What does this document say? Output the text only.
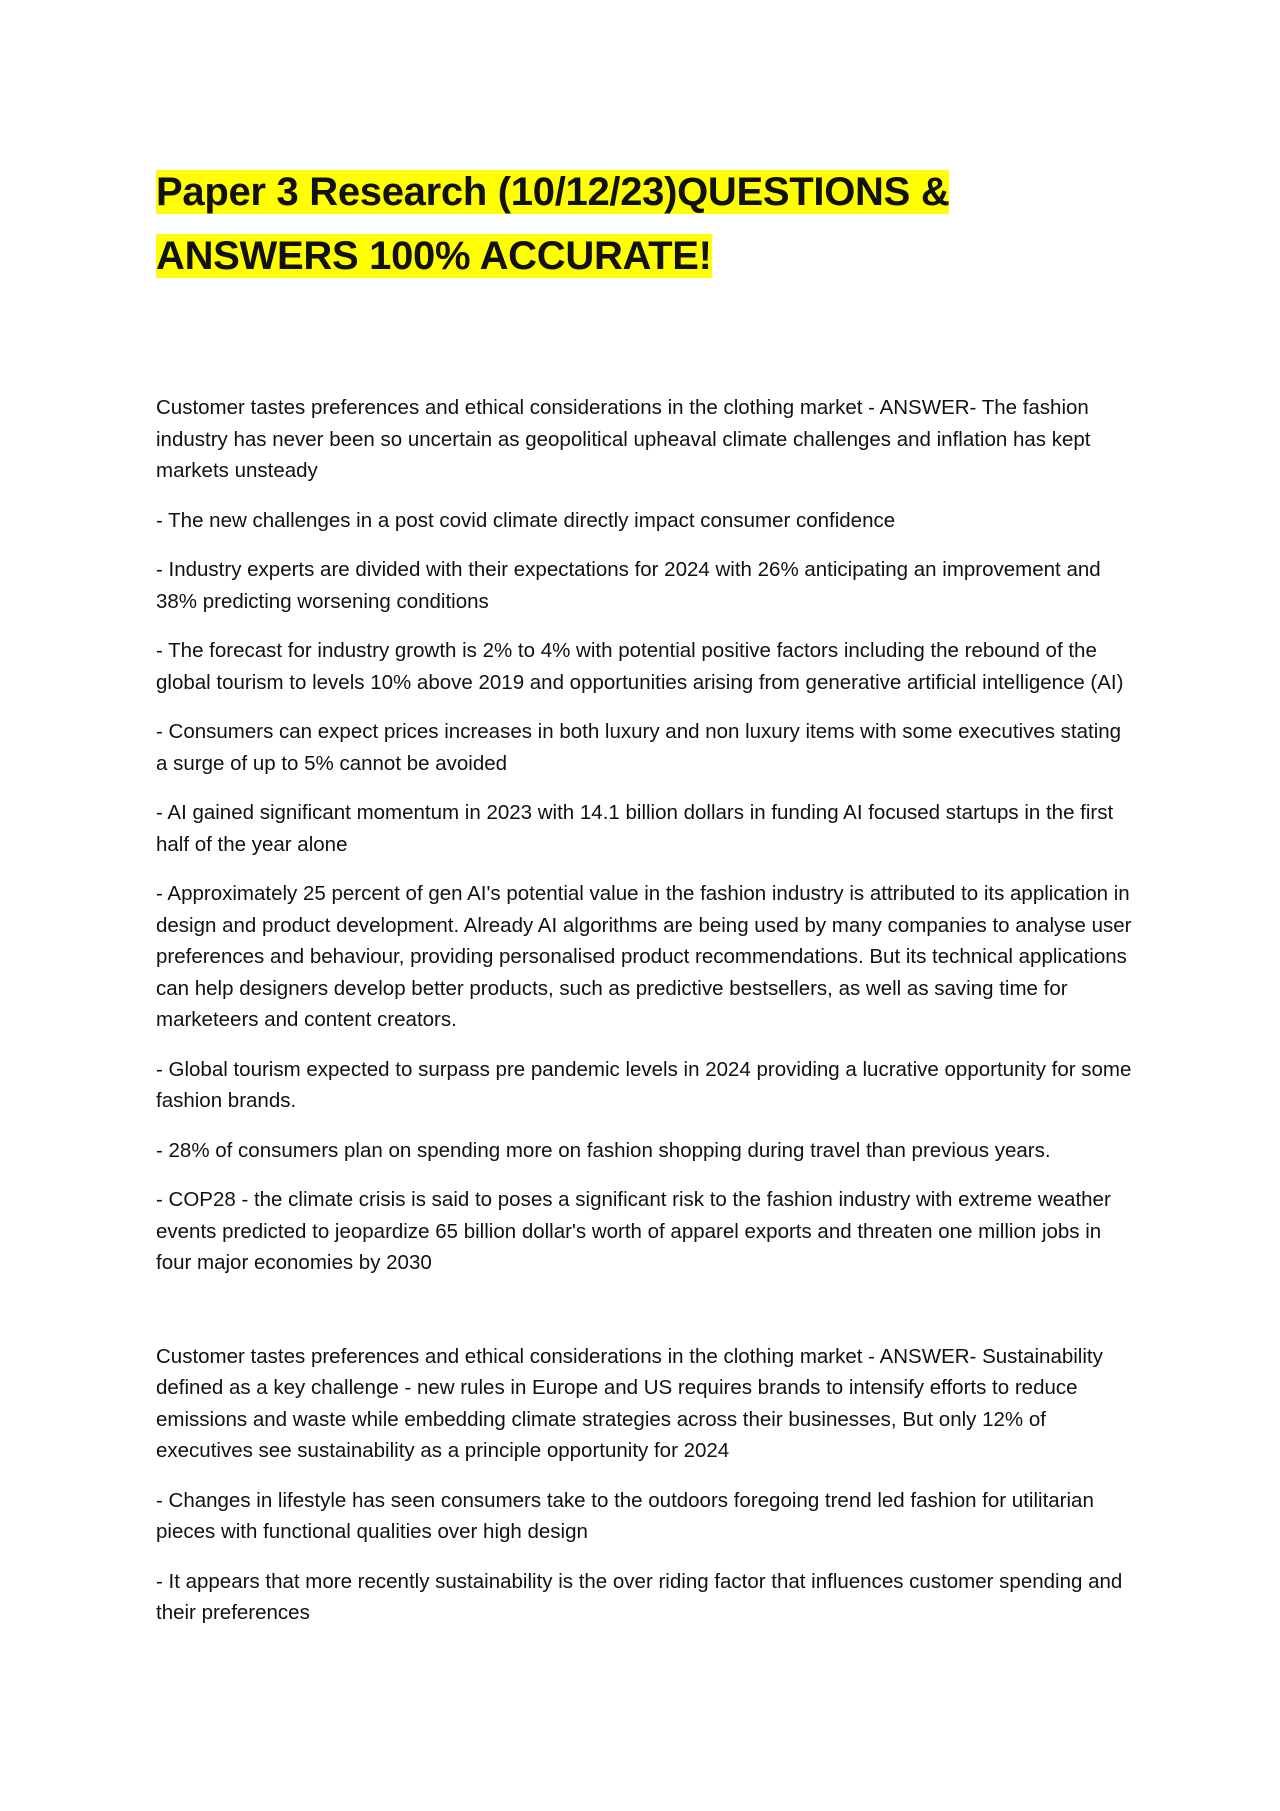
Paper 3 Research (10/12/23)QUESTIONS &
ANSWERS 100% ACCURATE!

Customer tastes preferences and ethical considerations in the clothing market - ANSWER- The fashion industry has never been so uncertain as geopolitical upheaval climate challenges and inflation has kept markets unsteady

- The new challenges in a post covid climate directly impact consumer confidence

- Industry experts are divided with their expectations for 2024 with 26% anticipating an improvement and 38% predicting worsening conditions

- The forecast for industry growth is 2% to 4% with potential positive factors including the rebound of the global tourism to levels 10% above 2019 and opportunities arising from generative artificial intelligence (AI)

- Consumers can expect prices increases in both luxury and non luxury items with some executives stating a surge of up to 5% cannot be avoided

- AI gained significant momentum in 2023 with 14.1 billion dollars in funding AI focused startups in the first half of the year alone

- Approximately 25 percent of gen AI's potential value in the fashion industry is attributed to its application in design and product development. Already AI algorithms are being used by many companies to analyse user preferences and behaviour, providing personalised product recommendations. But its technical applications can help designers develop better products, such as predictive bestsellers, as well as saving time for marketeers and content creators.

- Global tourism expected to surpass pre pandemic levels in 2024 providing a lucrative opportunity for some fashion brands.

- 28% of consumers plan on spending more on fashion shopping during travel than previous years.

- COP28 - the climate crisis is said to poses a significant risk to the fashion industry with extreme weather events predicted to jeopardize 65 billion dollar's worth of apparel exports and threaten one million jobs in four major economies by 2030

Customer tastes preferences and ethical considerations in the clothing market - ANSWER- Sustainability defined as a key challenge - new rules in Europe and US requires brands to intensify efforts to reduce emissions and waste while embedding climate strategies across their businesses, But only 12% of executives see sustainability as a principle opportunity for 2024

- Changes in lifestyle has seen consumers take to the outdoors foregoing trend led fashion for utilitarian pieces with functional qualities over high design

- It appears that more recently sustainability is the over riding factor that influences customer spending and their preferences
